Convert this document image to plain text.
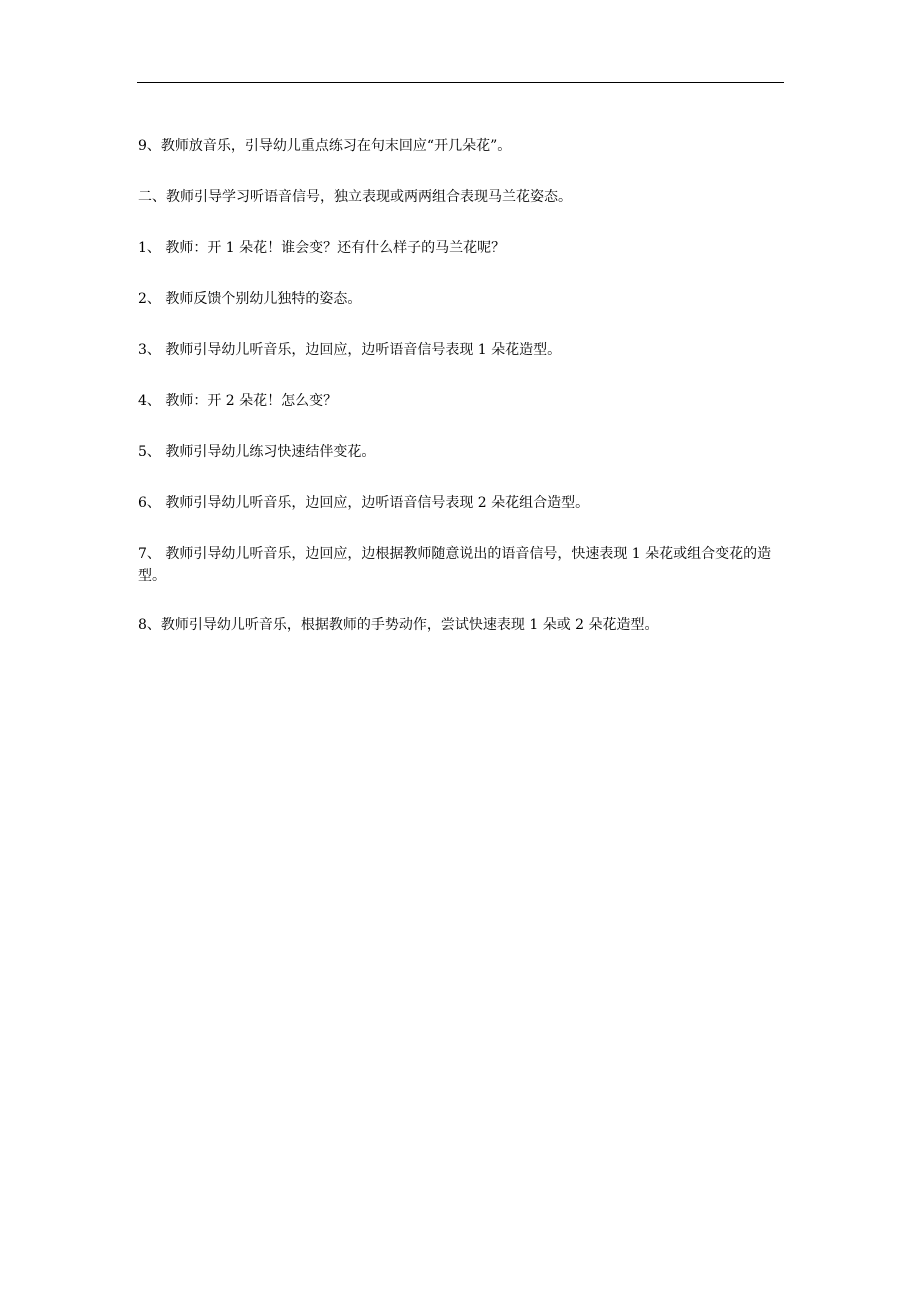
9、教师放音乐，引导幼儿重点练习在句末回应“开几朵花”。

二、教师引导学习听语音信号，独立表现或两两组合表现马兰花姿态。

1、 教师：开 1 朵花！谁会变？还有什么样子的马兰花呢？

2、 教师反馈个别幼儿独特的姿态。

3、 教师引导幼儿听音乐，边回应，边听语音信号表现 1 朵花造型。

4、 教师：开 2 朵花！怎么变？

5、 教师引导幼儿练习快速结伴变花。

6、 教师引导幼儿听音乐，边回应，边听语音信号表现 2 朵花组合造型。

7、 教师引导幼儿听音乐，边回应，边根据教师随意说出的语音信号，快速表现 1 朵花或组合变花的造型。

8、教师引导幼儿听音乐，根据教师的手势动作，尝试快速表现 1 朵或 2 朵花造型。
